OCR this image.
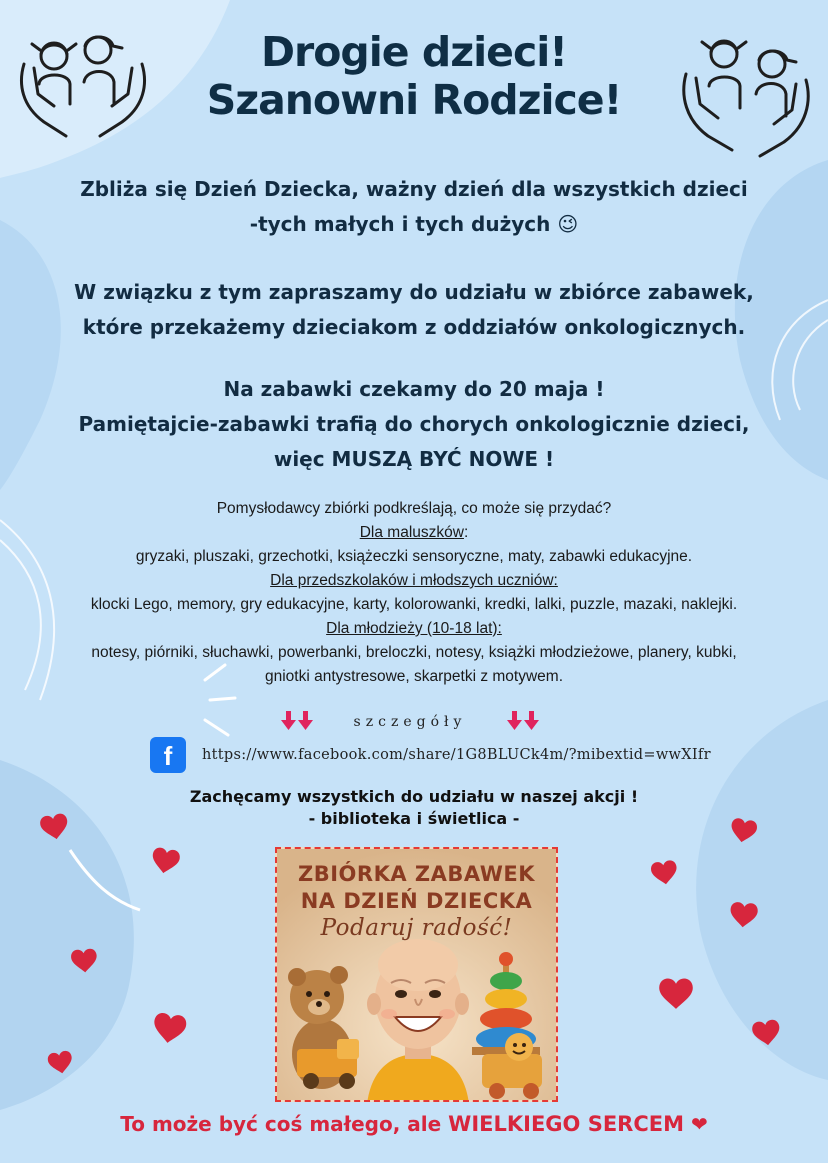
Drogie dzieci!
Szanowni Rodzice!
Zbliża się Dzień Dziecka, ważny dzień dla wszystkich dzieci
-tych małych i tych dużych 😉
W związku z tym zapraszamy do udziału w zbiórce zabawek,
które przekażemy dzieciakom z oddziałów onkologicznych.
Na zabawki czekamy do 20 maja !
Pamiętajcie-zabawki trafią do chorych onkologicznie dzieci,
więc MUSZĄ BYĆ NOWE !
Pomysłodawcy zbiórki podkreślają, co może się przydać?
Dla maluszków:
gryzaki, pluszaki, grzechotki, książeczki sensoryczne, maty, zabawki edukacyjne.
Dla przedszkolaków i młodszych uczniów:
klocki Lego, memory, gry edukacyjne, karty, kolorowanki, kredki, lalki, puzzle, mazaki, naklejki.
Dla młodzieży (10-18 lat):
notesy, piórniki, słuchawki, powerbanki, breloczki, notesy, książki młodzieżowe, planery, kubki,
gniotki antystresowe, skarpetki z motywem.
szczegóły
f	https://www.facebook.com/share/1G8BLUCk4m/?mibextid=wwXIfr
Zachęcamy wszystkich do udziału w naszej akcji !
- biblioteka i świetlica -
ZBIÓRKA ZABAWEK
NA DZIEŃ DZIECKA
Podaruj radość!
To może być coś małego, ale WIELKIEGO SERCEM ❤
